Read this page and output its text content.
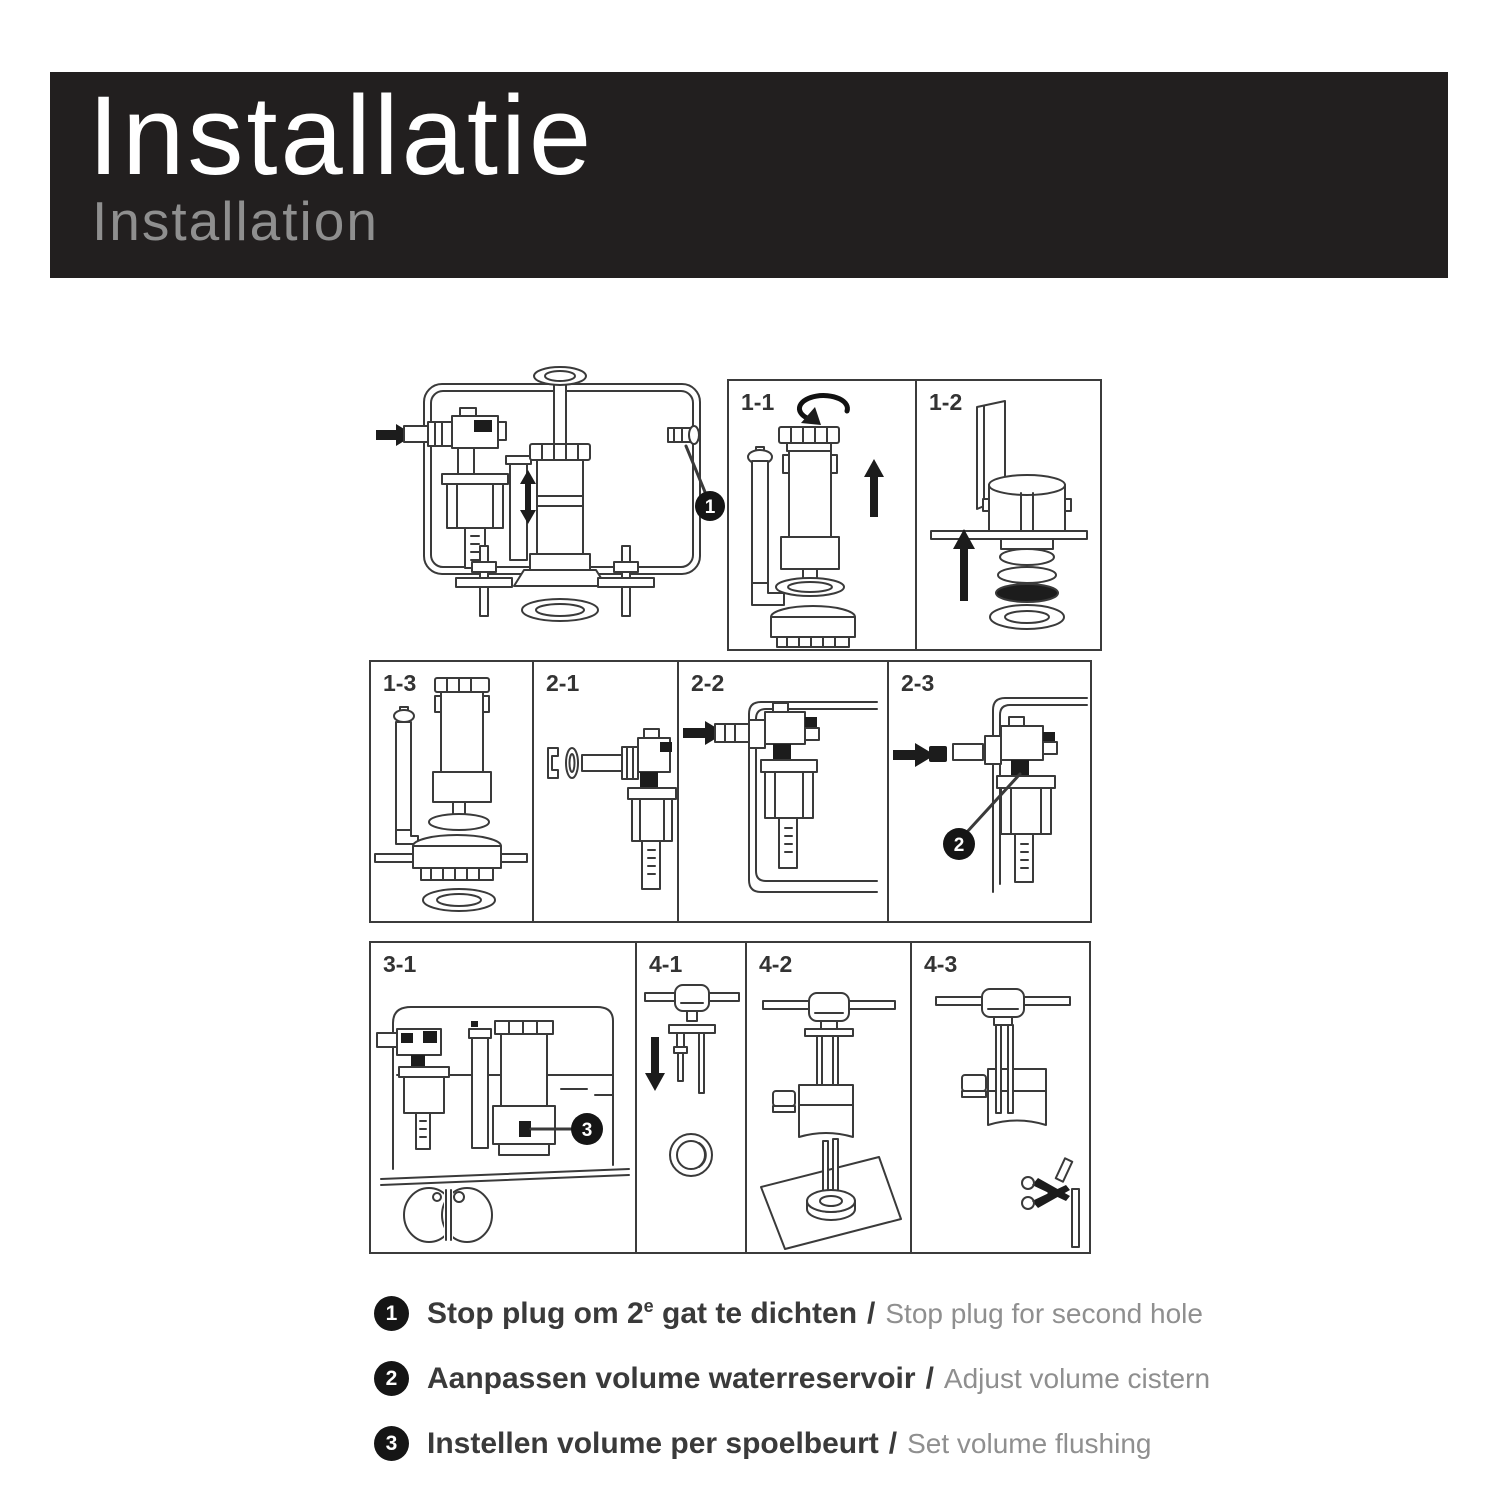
Installatie
Installation
1
1-1	1-2
1-3	2-1	2-2	2-3
2
3-1
3
4-1	4-2	4-3
1 Stop plug om 2e gat te dichten / Stop plug for second hole
2 Aanpassen volume waterreservoir / Adjust volume cistern
3 Instellen volume per spoelbeurt / Set volume flushing
